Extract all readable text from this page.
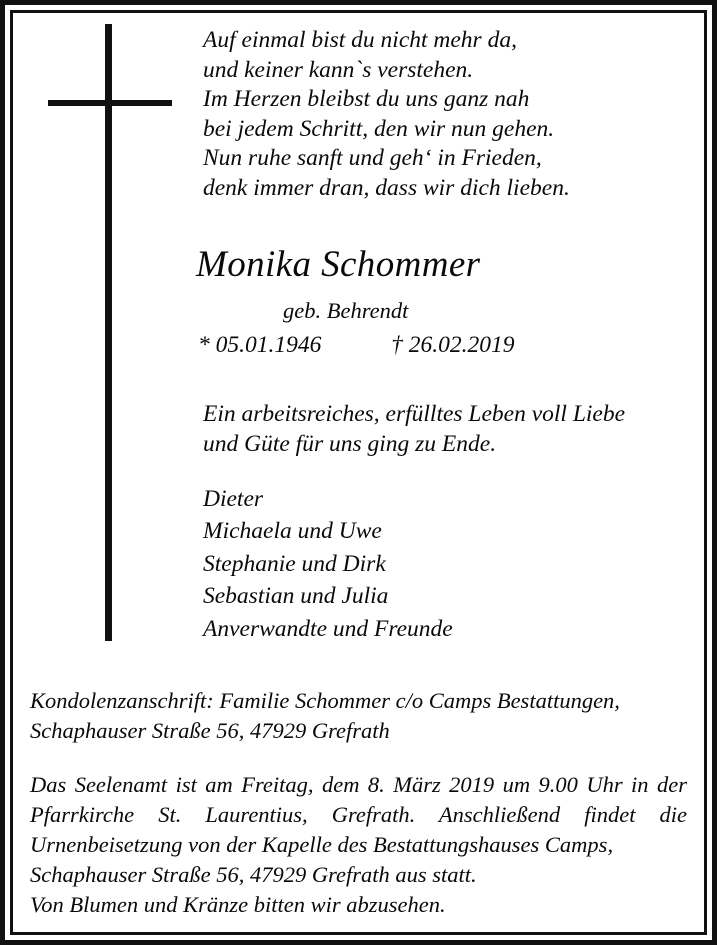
Auf einmal bist du nicht mehr da,
und keiner kann`s verstehen.
Im Herzen bleibst du uns ganz nah
bei jedem Schritt, den wir nun gehen.
Nun ruhe sanft und geh‘ in Frieden,
denk immer dran, dass wir dich lieben.
Monika Schommer
geb. Behrendt
* 05.01.1946	† 26.02.2019
Ein arbeitsreiches, erfülltes Leben voll Liebe
und Güte für uns ging zu Ende.
Dieter
Michaela und Uwe
Stephanie und Dirk
Sebastian und Julia
Anverwandte und Freunde
Kondolenzanschrift: Familie Schommer c/o Camps Bestattungen,
Schaphauser Straße 56, 47929 Grefrath
Das Seelenamt ist am Freitag, dem 8. März 2019 um 9.00 Uhr in der Pfarrkirche St. Laurentius, Grefrath. Anschließend findet die Urnenbeisetzung von der Kapelle des Bestattungshauses Camps,
Schaphauser Straße 56, 47929 Grefrath aus statt.
Von Blumen und Kränze bitten wir abzusehen.
